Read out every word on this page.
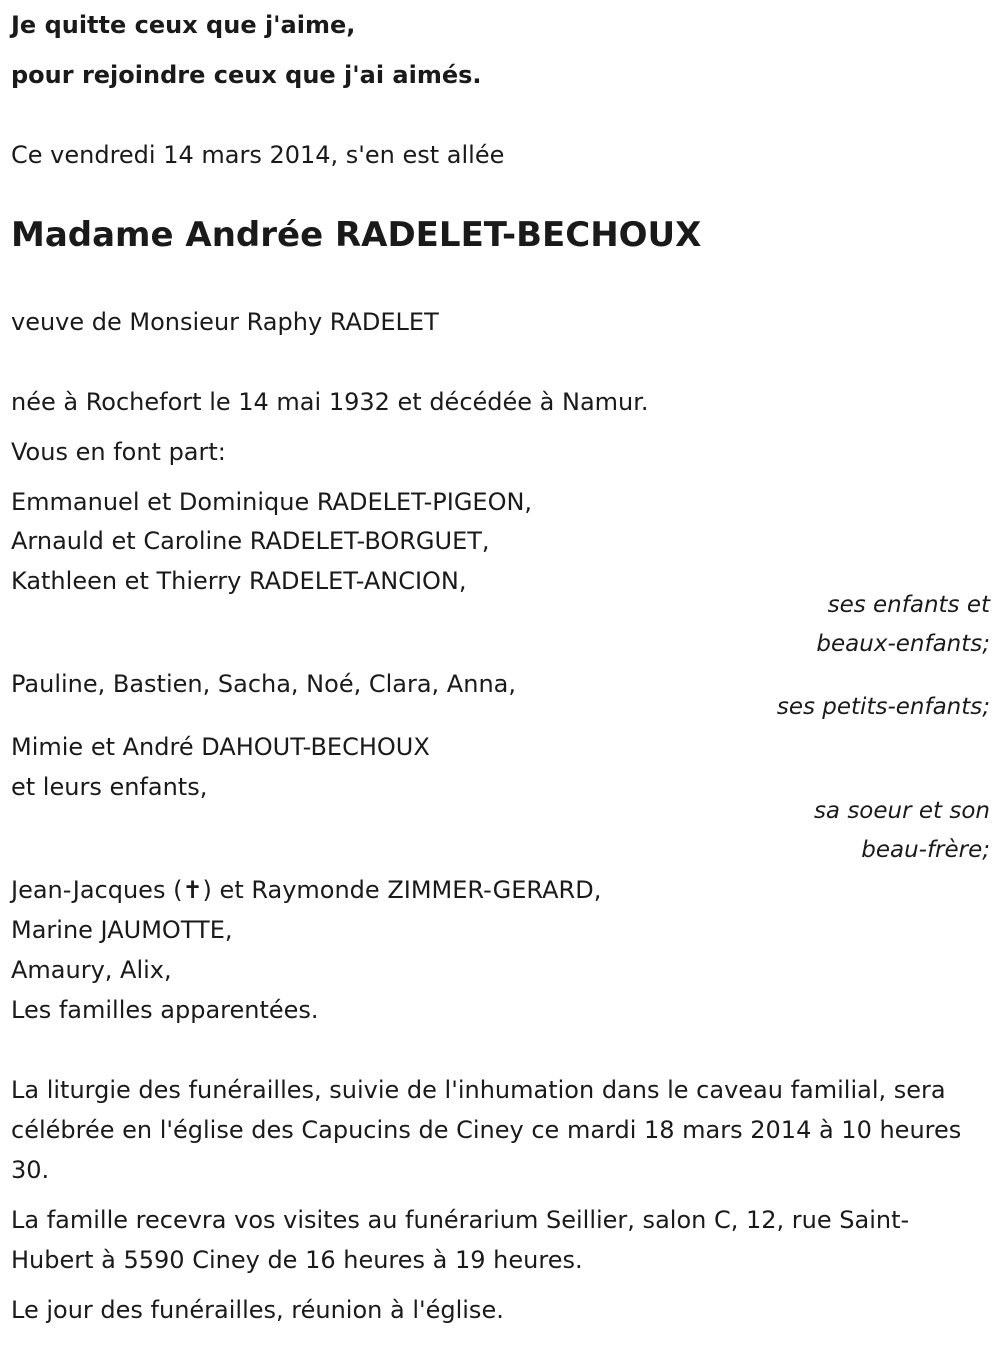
Je quitte ceux que j'aime,
pour rejoindre ceux que j'ai aimés.
Ce vendredi 14 mars 2014, s'en est allée
Madame Andrée RADELET-BECHOUX
veuve de Monsieur Raphy RADELET
née à Rochefort le 14 mai 1932 et décédée à Namur.
Vous en font part:
Emmanuel et Dominique RADELET-PIGEON,
Arnauld et Caroline RADELET-BORGUET,
Kathleen et Thierry RADELET-ANCION,
ses enfants et
beaux-enfants;
Pauline, Bastien, Sacha, Noé, Clara, Anna,
ses petits-enfants;
Mimie et André DAHOUT-BECHOUX
et leurs enfants,
sa soeur et son
beau-frère;
Jean-Jacques (✝) et Raymonde ZIMMER-GERARD,
Marine JAUMOTTE,
Amaury, Alix,
Les familles apparentées.
La liturgie des funérailles, suivie de l'inhumation dans le caveau familial, sera célébrée en l'église des Capucins de Ciney ce mardi 18 mars 2014 à 10 heures 30.
La famille recevra vos visites au funérarium Seillier, salon C, 12, rue Saint-Hubert à 5590 Ciney de 16 heures à 19 heures.
Le jour des funérailles, réunion à l'église.
